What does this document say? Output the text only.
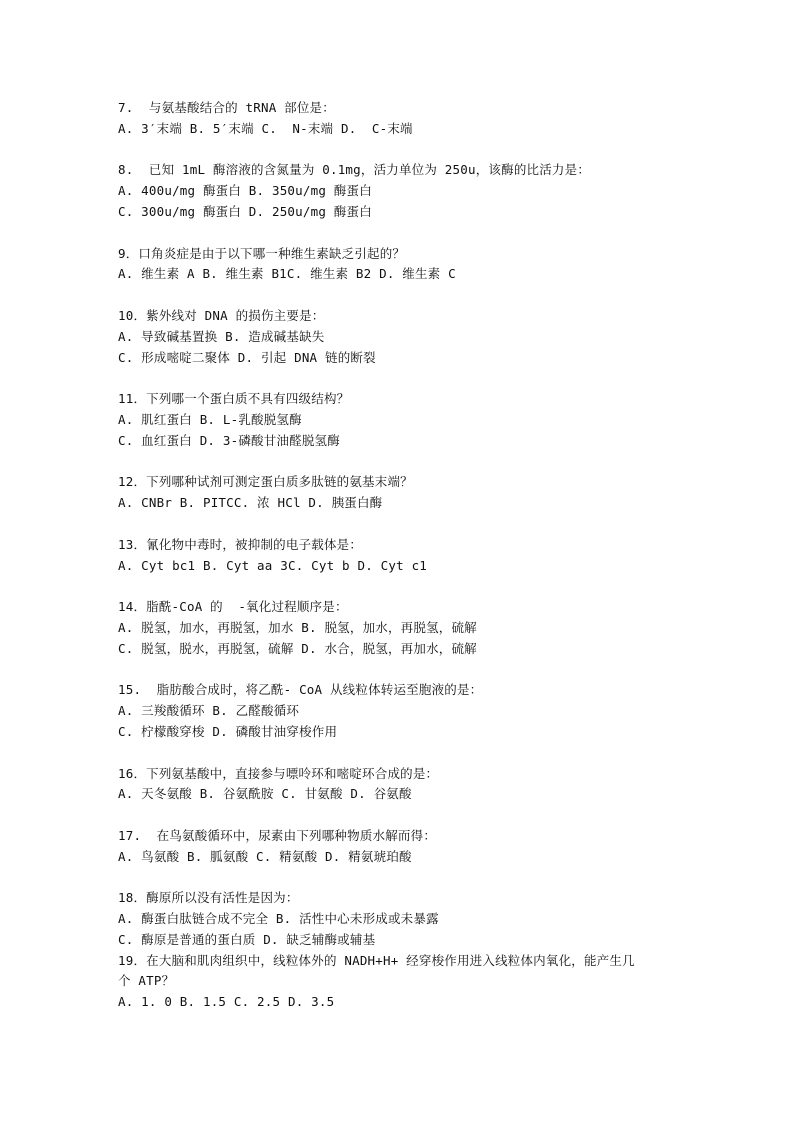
7.  与氨基酸结合的 tRNA 部位是：
A. 3′末端 B. 5′末端 C.  N-末端 D.  C-末端
8.  已知 1mL 酶溶液的含氮量为 0.1mg，活力单位为 250u，该酶的比活力是：
A. 400u/mg 酶蛋白 B. 350u/mg 酶蛋白
C. 300u/mg 酶蛋白 D. 250u/mg 酶蛋白
9．口角炎症是由于以下哪一种维生素缺乏引起的？
A. 维生素 A B. 维生素 B1C. 维生素 B2 D. 维生素 C
10．紫外线对 DNA 的损伤主要是：
A. 导致碱基置换 B. 造成碱基缺失
C. 形成嘧啶二聚体 D. 引起 DNA 链的断裂
11．下列哪一个蛋白质不具有四级结构？
A. 肌红蛋白 B. L-乳酸脱氢酶
C. 血红蛋白 D. 3-磷酸甘油醛脱氢酶
12．下列哪种试剂可测定蛋白质多肽链的氨基末端？
A. CNBr B. PITCC. 浓 HCl D. 胰蛋白酶
13．氰化物中毒时，被抑制的电子载体是：
A. Cyt bc1 B. Cyt aa 3C. Cyt b D. Cyt c1
14．脂酰-CoA 的  -氧化过程顺序是：
A. 脱氢，加水，再脱氢，加水 B. 脱氢，加水，再脱氢，硫解
C. 脱氢，脱水，再脱氢，硫解 D. 水合，脱氢，再加水，硫解
15.  脂肪酸合成时，将乙酰- CoA 从线粒体转运至胞液的是：
A. 三羧酸循环 B. 乙醛酸循环
C. 柠檬酸穿梭 D. 磷酸甘油穿梭作用
16．下列氨基酸中，直接参与嘌呤环和嘧啶环合成的是：
A. 天冬氨酸 B. 谷氨酰胺 C. 甘氨酸 D. 谷氨酸
17.  在鸟氨酸循环中，尿素由下列哪种物质水解而得：
A. 鸟氨酸 B. 胍氨酸 C. 精氨酸 D. 精氨琥珀酸
18．酶原所以没有活性是因为：
A. 酶蛋白肽链合成不完全 B. 活性中心未形成或未暴露
C. 酶原是普通的蛋白质 D. 缺乏辅酶或辅基
19．在大脑和肌肉组织中，线粒体外的 NADH+H+ 经穿梭作用进入线粒体内氧化，能产生几
个 ATP？
A. 1. 0 B. 1.5 C. 2.5 D. 3.5
